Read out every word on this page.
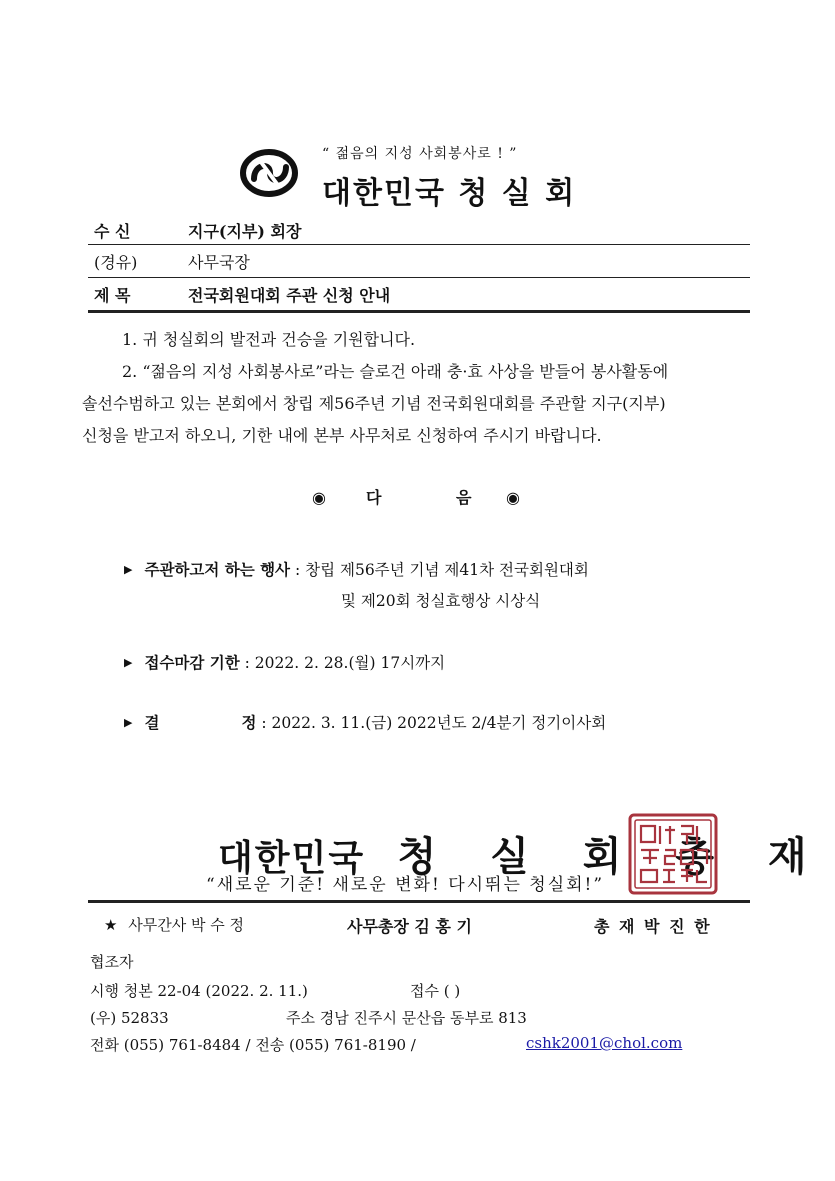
“ 젊음의 지성 사회봉사로 ! ”
대한민국 청 실 회
수 신	지구(지부) 회장
(경유)	사무국장
제 목	전국회원대회 주관 신청 안내
1. 귀 청실회의 발전과 건승을 기원합니다.
2. “젊음의 지성 사회봉사로”라는 슬로건 아래 충·효 사상을 받들어 봉사활동에
솔선수범하고 있는 본회에서 창립 제56주년 기념 전국회원대회를 주관할 지구(지부)
신청을 받고저 하오니, 기한 내에 본부 사무처로 신청하여 주시기 바랍니다.
◉	다	음 ◉
▶ 주관하고저 하는 행사 : 창립 제56주년 기념 제41차 전국회원대회
및 제20회 청실효행상 시상식
▶ 접수마감 기한 : 2022. 2. 28.(월) 17시까지
▶ 결	정 : 2022. 3. 11.(금) 2022년도 2/4분기 정기이사회
대한민국 청 실 회 총 재
“새로운 기준! 새로운 변화! 다시뛰는 청실회!”
★ 사무간사 박 수 정	사무총장 김 홍 기	총 재 박 진 한
협조자
시행 청본 22-04 (2022. 2. 11.)	접수 ( )
(우) 52833	주소 경남 진주시 문산읍 동부로 813
전화 (055) 761-8484 / 전송 (055) 761-8190 /	cshk2001@chol.com
